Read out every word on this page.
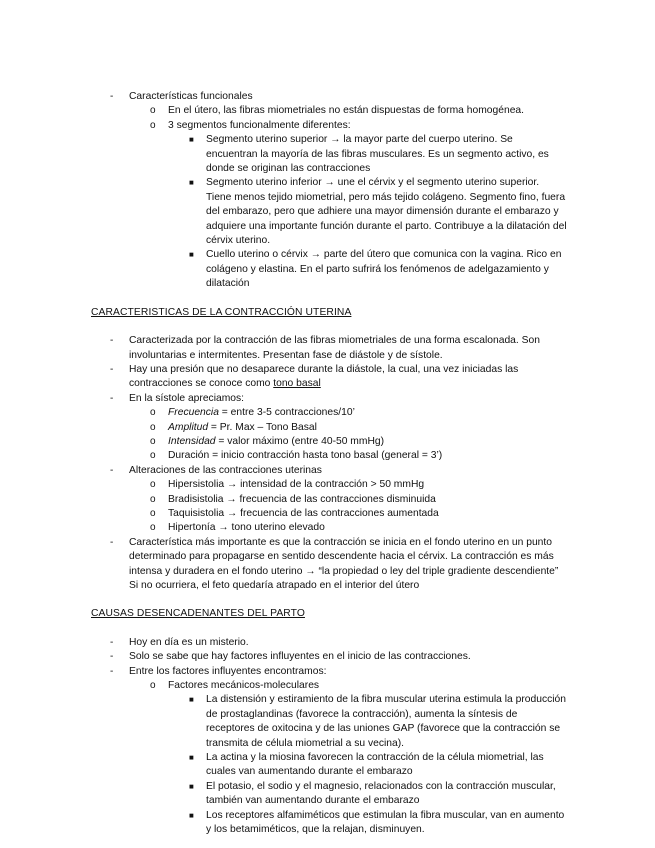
- Características funcionales
o En el útero, las fibras miometriales no están dispuestas de forma homogénea.
o 3 segmentos funcionalmente diferentes:
■ Segmento uterino superior → la mayor parte del cuerpo uterino. Se encuentran la mayoría de las fibras musculares. Es un segmento activo, es donde se originan las contracciones
■ Segmento uterino inferior → une el cérvix y el segmento uterino superior. Tiene menos tejido miometrial, pero más tejido colágeno. Segmento fino, fuera del embarazo, pero que adhiere una mayor dimensión durante el embarazo y adquiere una importante función durante el parto. Contribuye a la dilatación del cérvix uterino.
■ Cuello uterino o cérvix → parte del útero que comunica con la vagina. Rico en colágeno y elastina. En el parto sufrirá los fenómenos de adelgazamiento y dilatación
CARACTERISTICAS DE LA CONTRACCIÓN UTERINA
- Caracterizada por la contracción de las fibras miometriales de una forma escalonada. Son involuntarias e intermitentes. Presentan fase de diástole y de sístole.
- Hay una presión que no desaparece durante la diástole, la cual, una vez iniciadas las contracciones se conoce como tono basal
- En la sístole apreciamos:
o Frecuencia = entre 3-5 contracciones/10’
o Amplitud = Pr. Max – Tono Basal
o Intensidad = valor máximo (entre 40-50 mmHg)
o Duración = inicio contracción hasta tono basal (general = 3’)
- Alteraciones de las contracciones uterinas
o Hipersistolia → intensidad de la contracción > 50 mmHg
o Bradisistolia → frecuencia de las contracciones disminuida
o Taquisistolia → frecuencia de las contracciones aumentada
o Hipertonía → tono uterino elevado
- Característica más importante es que la contracción se inicia en el fondo uterino en un punto determinado para propagarse en sentido descendente hacia el cérvix. La contracción es más intensa y duradera en el fondo uterino → “la propiedad o ley del triple gradiente descendiente” Si no ocurriera, el feto quedaría atrapado en el interior del útero
CAUSAS DESENCADENANTES DEL PARTO
- Hoy en día es un misterio.
- Solo se sabe que hay factores influyentes en el inicio de las contracciones.
- Entre los factores influyentes encontramos:
o Factores mecánicos-moleculares
■ La distensión y estiramiento de la fibra muscular uterina estimula la producción de prostaglandinas (favorece la contracción), aumenta la síntesis de receptores de oxitocina y de las uniones GAP (favorece que la contracción se transmita de célula miometrial a su vecina).
■ La actina y la miosina favorecen la contracción de la célula miometrial, las cuales van aumentando durante el embarazo
■ El potasio, el sodio y el magnesio, relacionados con la contracción muscular, también van aumentando durante el embarazo
■ Los receptores alfamiméticos que estimulan la fibra muscular, van en aumento y los betamiméticos, que la relajan, disminuyen.
